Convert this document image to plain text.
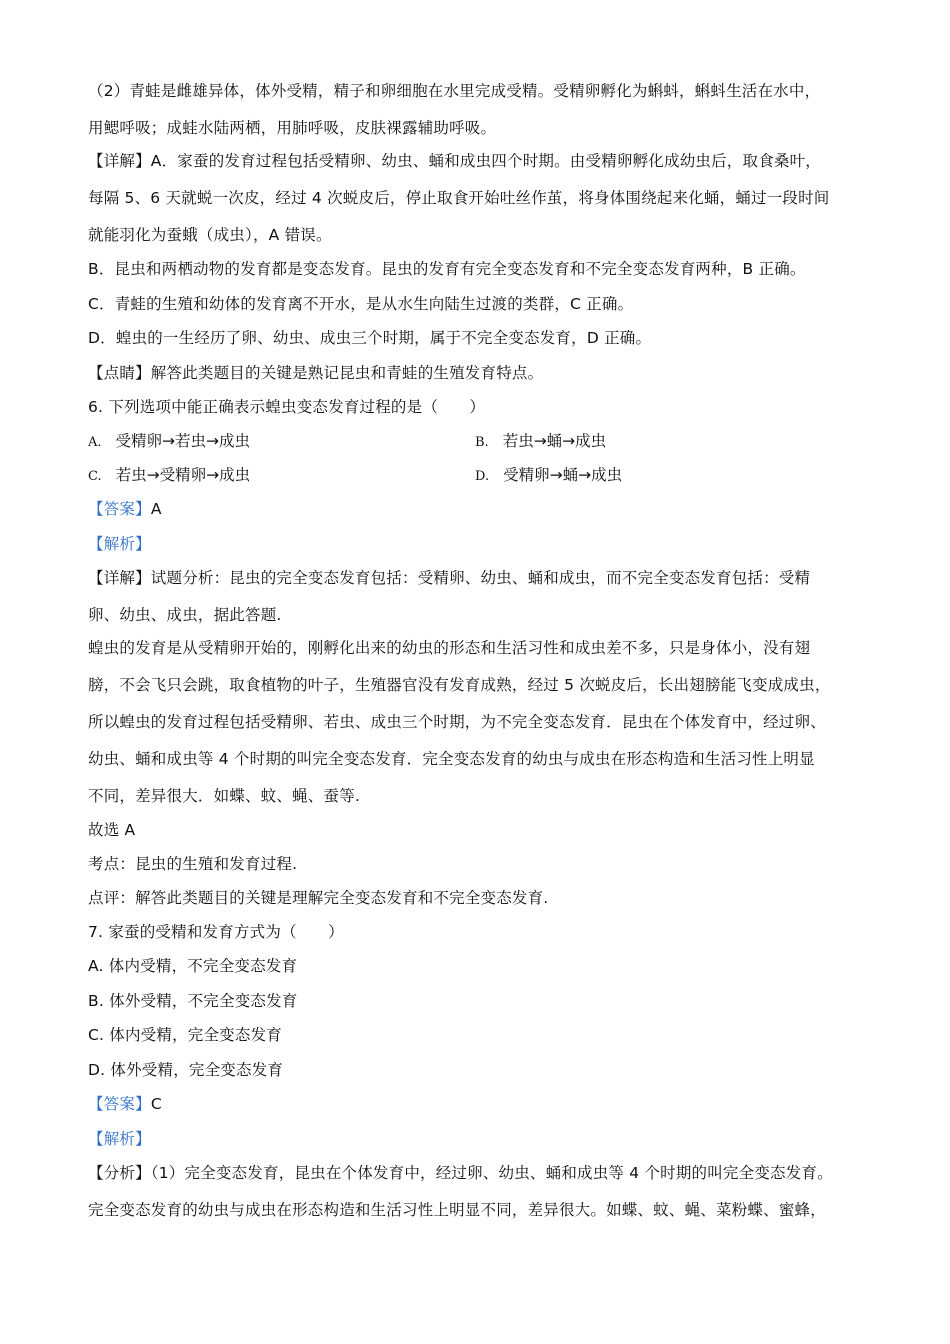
（2）青蛙是雌雄异体，体外受精，精子和卵细胞在水里完成受精。受精卵孵化为蝌蚪，蝌蚪生活在水中，
用鳃呼吸；成蛙水陆两栖，用肺呼吸，皮肤裸露辅助呼吸。
【详解】A．家蚕的发育过程包括受精卵、幼虫、蛹和成虫四个时期。由受精卵孵化成幼虫后，取食桑叶，
每隔 5、6 天就蜕一次皮，经过 4 次蜕皮后，停止取食开始吐丝作茧，将身体围绕起来化蛹，蛹过一段时间
就能羽化为蚕蛾（成虫），A 错误。
B．昆虫和两栖动物的发育都是变态发育。昆虫的发育有完全变态发育和不完全变态发育两种，B 正确。
C．青蛙的生殖和幼体的发育离不开水，是从水生向陆生过渡的类群，C 正确。
D．蝗虫的一生经历了卵、幼虫、成虫三个时期，属于不完全变态发育，D 正确。
【点睛】解答此类题目的关键是熟记昆虫和青蛙的生殖发育特点。
6. 下列选项中能正确表示蝗虫变态发育过程的是（　　）
A. 受精卵→若虫→成虫	B. 若虫→蛹→成虫
C. 若虫→受精卵→成虫	D. 受精卵→蛹→成虫
【答案】A
【解析】
【详解】试题分析：昆虫的完全变态发育包括：受精卵、幼虫、蛹和成虫，而不完全变态发育包括：受精
卵、幼虫、成虫，据此答题.
蝗虫的发育是从受精卵开始的，刚孵化出来的幼虫的形态和生活习性和成虫差不多，只是身体小，没有翅
膀，不会飞只会跳，取食植物的叶子，生殖器官没有发育成熟，经过 5 次蜕皮后，长出翅膀能飞变成成虫，
所以蝗虫的发育过程包括受精卵、若虫、成虫三个时期，为不完全变态发育．昆虫在个体发育中，经过卵、
幼虫、蛹和成虫等 4 个时期的叫完全变态发育．完全变态发育的幼虫与成虫在形态构造和生活习性上明显
不同，差异很大．如蝶、蚊、蝇、蚕等.
故选 A
考点：昆虫的生殖和发育过程.
点评：解答此类题目的关键是理解完全变态发育和不完全变态发育.
7. 家蚕的受精和发育方式为（　　）
A. 体内受精，不完全变态发育
B. 体外受精，不完全变态发育
C. 体内受精，完全变态发育
D. 体外受精，完全变态发育
【答案】C
【解析】
【分析】（1）完全变态发育，昆虫在个体发育中，经过卵、幼虫、蛹和成虫等 4 个时期的叫完全变态发育。
完全变态发育的幼虫与成虫在形态构造和生活习性上明显不同，差异很大。如蝶、蚊、蝇、菜粉蝶、蜜蜂，
